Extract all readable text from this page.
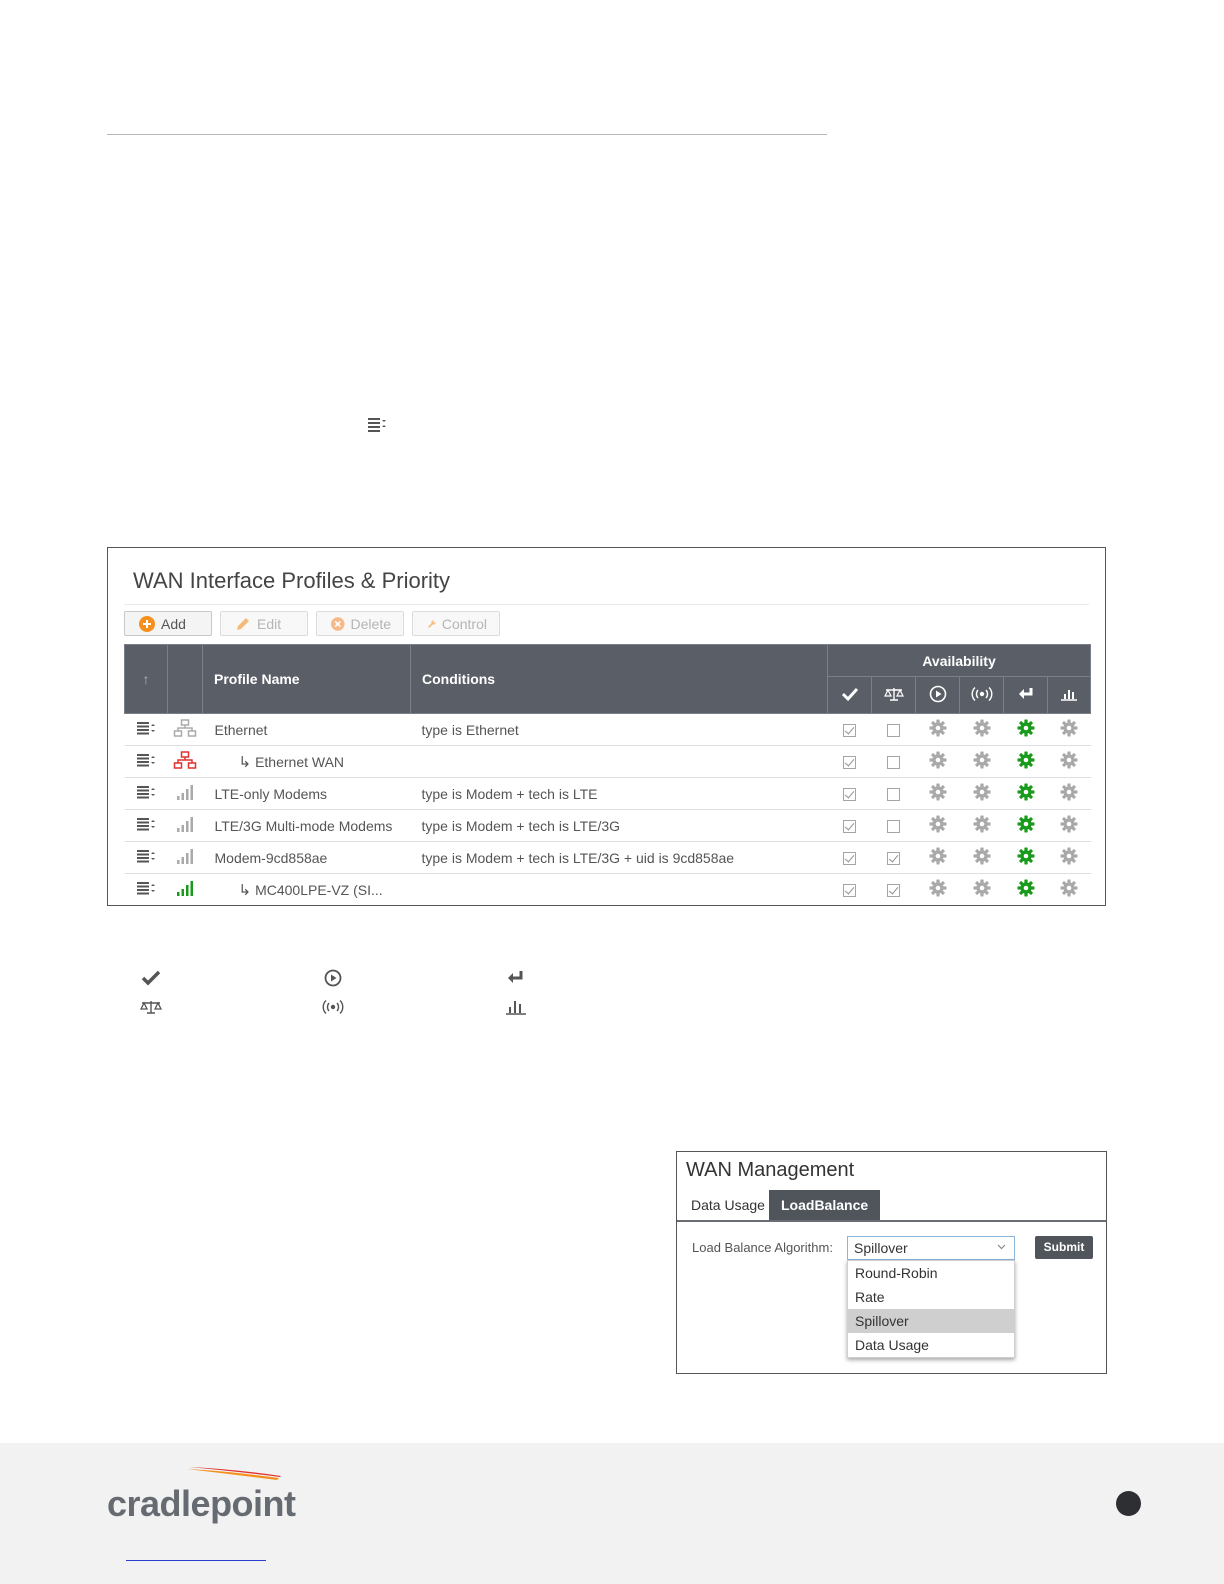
WAN Interface Profiles & Priority
Add	Edit	Delete	Control
↑		Profile Name	Conditions	Availability					

		Ethernet	type is Ethernet						
		↳ Ethernet WAN							
		LTE-only Modems	type is Modem + tech is LTE						
		LTE/3G Multi-mode Modems	type is Modem + tech is LTE/3G						
		Modem-9cd858ae	type is Modem + tech is LTE/3G + uid is 9cd858ae						
		↳ MC400LPE-VZ (SI...							
WAN Management
Data Usage	LoadBalance
Load Balance Algorithm:	Spillover	Submit
Round-Robin
Rate
Spillover
Data Usage
cradlepoint
